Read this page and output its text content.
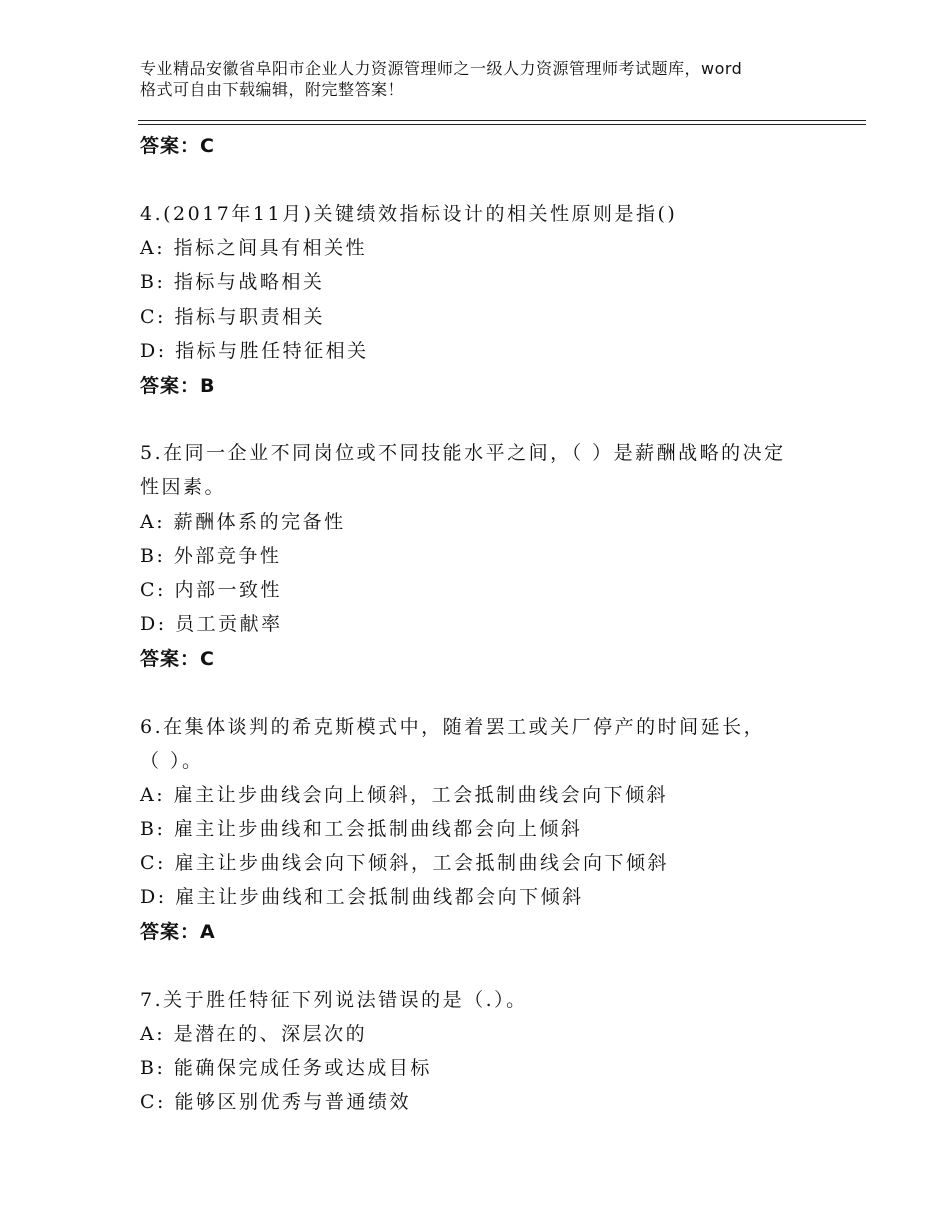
专业精品安徽省阜阳市企业人力资源管理师之一级人力资源管理师考试题库，word
格式可自由下载编辑，附完整答案！
答案：C
4.(2017年11月)关键绩效指标设计的相关性原则是指()
A: 指标之间具有相关性
B: 指标与战略相关
C: 指标与职责相关
D: 指标与胜任特征相关
答案：B
5.在同一企业不同岗位或不同技能水平之间，（ ）是薪酬战略的决定
性因素。
A: 薪酬体系的完备性
B: 外部竞争性
C: 内部一致性
D: 员工贡献率
答案：C
6.在集体谈判的希克斯模式中，随着罢工或关厂停产的时间延长，
（ ）。
A: 雇主让步曲线会向上倾斜，工会抵制曲线会向下倾斜
B: 雇主让步曲线和工会抵制曲线都会向上倾斜
C: 雇主让步曲线会向下倾斜，工会抵制曲线会向下倾斜
D: 雇主让步曲线和工会抵制曲线都会向下倾斜
答案：A
7.关于胜任特征下列说法错误的是（.）。
A: 是潜在的、深层次的
B: 能确保完成任务或达成目标
C: 能够区别优秀与普通绩效
